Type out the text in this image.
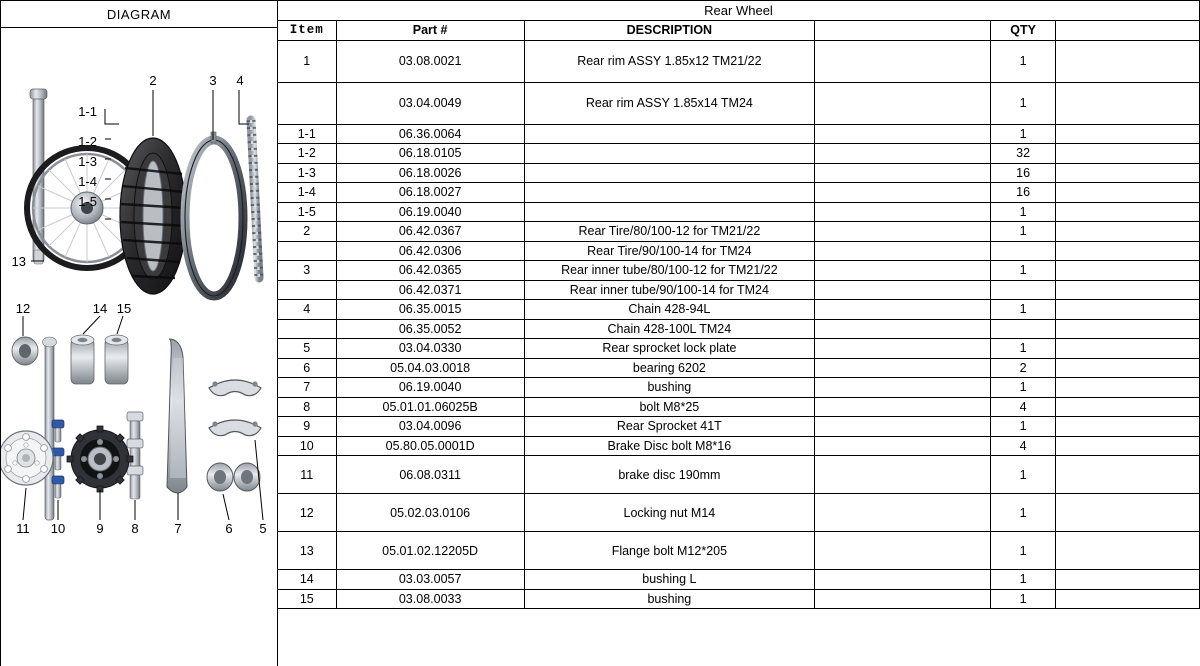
DIAGRAM
1-1
1-2
1-3
1-4
1-5
2	3 4
13
12	14 15
11 10 9 8	7	6 5
Rear Wheel
Item	Part #	DESCRIPTION		QTY	
1	03.08.0021	Rear rim ASSY 1.85x12 TM21/22		1	
	03.04.0049	Rear rim ASSY 1.85x14 TM24		1	
1-1	06.36.0064			1	
1-2	06.18.0105			32	
1-3	06.18.0026			16	
1-4	06.18.0027			16	
1-5	06.19.0040			1	
2	06.42.0367	Rear Tire/80/100-12 for TM21/22		1	
	06.42.0306	Rear Tire/90/100-14 for TM24			
3	06.42.0365	Rear inner tube/80/100-12 for TM21/22		1	
	06.42.0371	Rear inner tube/90/100-14 for TM24			
4	06.35.0015	Chain 428-94L		1	
	06.35.0052	Chain 428-100L TM24			
5	03.04.0330	Rear sprocket lock plate		1	
6	05.04.03.0018	bearing 6202		2	
7	06.19.0040	bushing		1	
8	05.01.01.06025B	bolt M8*25		4	
9	03.04.0096	Rear Sprocket 41T		1	
10	05.80.05.0001D	Brake Disc bolt M8*16		4	
11	06.08.0311	brake disc 190mm		1	
12	05.02.03.0106	Locking nut M14		1	
13	05.01.02.12205D	Flange bolt M12*205		1	
14	03.03.0057	bushing L		1	
15	03.08.0033	bushing		1	
